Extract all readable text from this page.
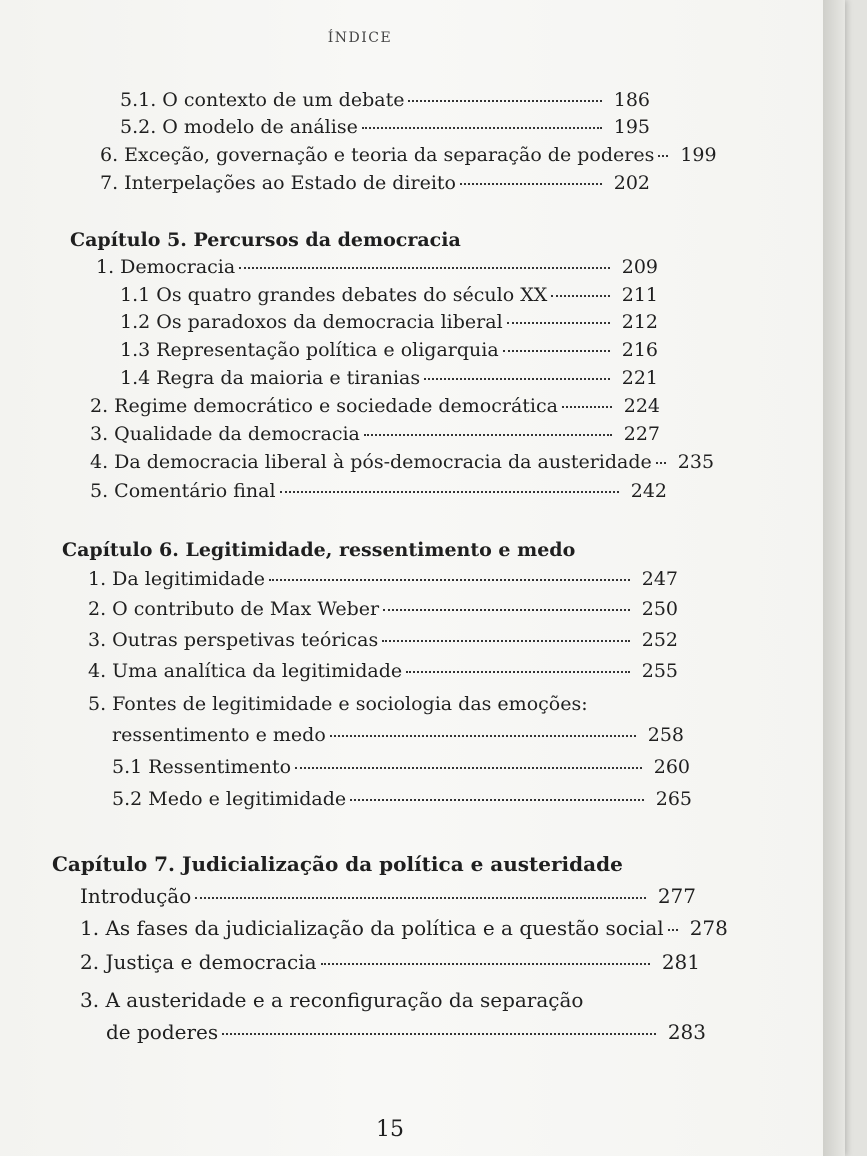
ÍNDICE
5.1. O contexto de um debate	186
5.2. O modelo de análise	195
6. Exceção, governação e teoria da separação de poderes 199
7. Interpelações ao Estado de direito	202
Capítulo 5. Percursos da democracia
1. Democracia	209
1.1 Os quatro grandes debates do século XX	211
1.2 Os paradoxos da democracia liberal	212
1.3 Representação política e oligarquia	216
1.4 Regra da maioria e tiranias	221
2. Regime democrático e sociedade democrática	224
3. Qualidade da democracia	227
4. Da democracia liberal à pós-democracia da austeridade 235
5. Comentário final	242
Capítulo 6. Legitimidade, ressentimento e medo
1. Da legitimidade	247
2. O contributo de Max Weber	250
3. Outras perspetivas teóricas	252
4. Uma analítica da legitimidade	255
5. Fontes de legitimidade e sociologia das emoções:
ressentimento e medo	258
5.1 Ressentimento	260
5.2 Medo e legitimidade	265
Capítulo 7. Judicialização da política e austeridade
Introdução	277
1. As fases da judicialização da política e a questão social 278
2. Justiça e democracia	281
3. A austeridade e a reconfiguração da separação
de poderes	283
15
